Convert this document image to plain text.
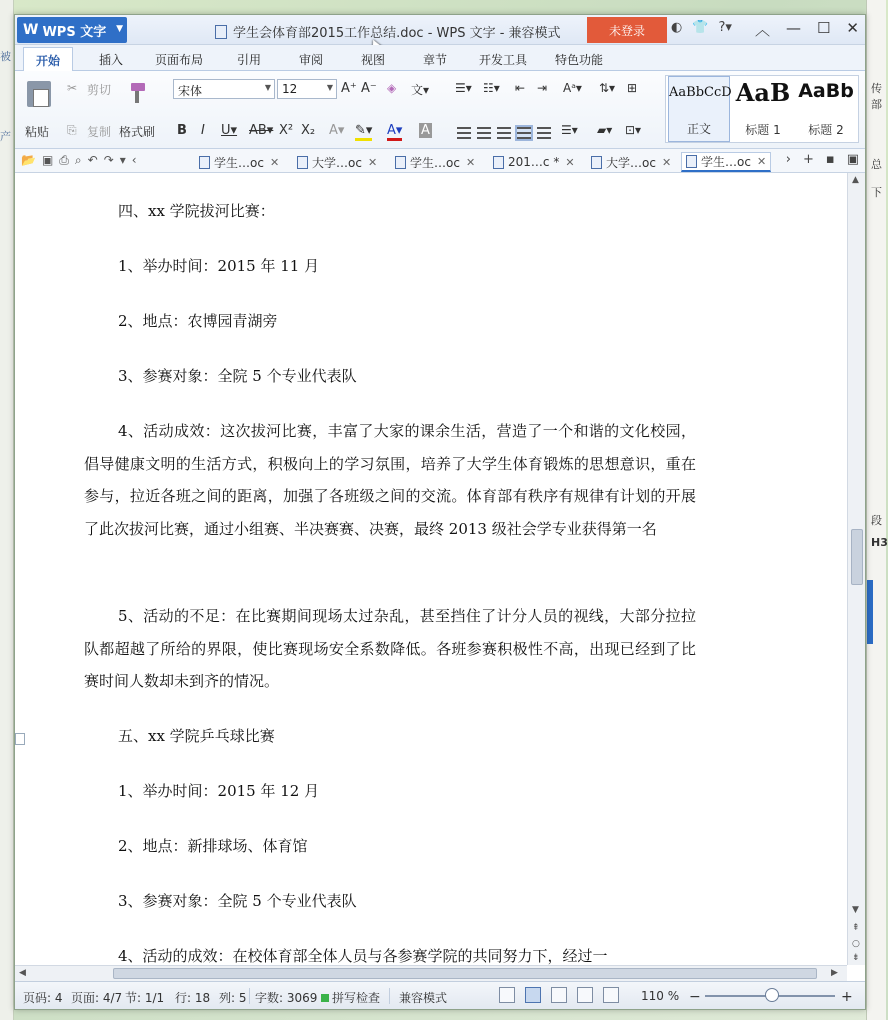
被
产
传部
总
下
段
H3
W WPS 文字 ▼	学生会体育部2015工作总结.doc - WPS 文字 - 兼容模式	未登录	◐ 👕 ?▾ ︿ — ☐ ✕
开始	插入	页面布局	引用	审阅	视图	章节	开发工具 特色功能
粘贴
✂ 剪切
⎘ 复制 格式刷
宋体	▼ 12	▼ A⁺ A⁻ ◈ 文▾
B I U▾ AB▾ X² X₂ A▾ ✎▾ A▾ A
☰▾ ☷▾ ⇤ ⇥ Aᵃ▾ ⇅▾ ⊞
☰▾ ▰▾ ⊡▾
AaBbCcD
正文
AaB
标题 1
AaBb
标题 2
📂 ▣ ⎙ ⌕ ↶ ↷ ▾ ‹	学生…oc ✕	大学…oc ✕	学生…oc ✕	201…c * ✕	大学…oc ✕ 学生…oc ✕ › + ▪ ▣
四、xx 学院拔河比赛：
1、举办时间：2015 年 11 月
2、地点：农博园青湖旁
3、参赛对象：全院 5 个专业代表队
4、活动成效：这次拔河比赛，丰富了大家的课余生活，营造了一个和谐的文化校园，倡导健康文明的生活方式，积极向上的学习氛围，培养了大学生体育锻炼的思想意识，重在参与，拉近各班之间的距离，加强了各班级之间的交流。体育部有秩序有规律有计划的开展了此次拔河比赛，通过小组赛、半决赛赛、决赛，最终 2013 级社会学专业获得第一名
5、活动的不足：在比赛期间现场太过杂乱，甚至挡住了计分人员的视线，大部分拉拉队都超越了所给的界限，使比赛现场安全系数降低。各班参赛积极性不高，出现已经到了比赛时间人数却未到齐的情况。
五、xx 学院乒乓球比赛
1、举办时间：2015 年 12 月
2、地点：新排球场、体育馆
3、参赛对象：全院 5 个专业代表队
4、活动的成效：在校体育部全体人员与各参赛学院的共同努力下，经过一
▲
▼
⇞
○
⇟
◀	▶
页码: 4 页面: 4/7 节: 1/1 行: 18 列: 5 字数: 3069	拼写检查 兼容模式	110 % −	+
